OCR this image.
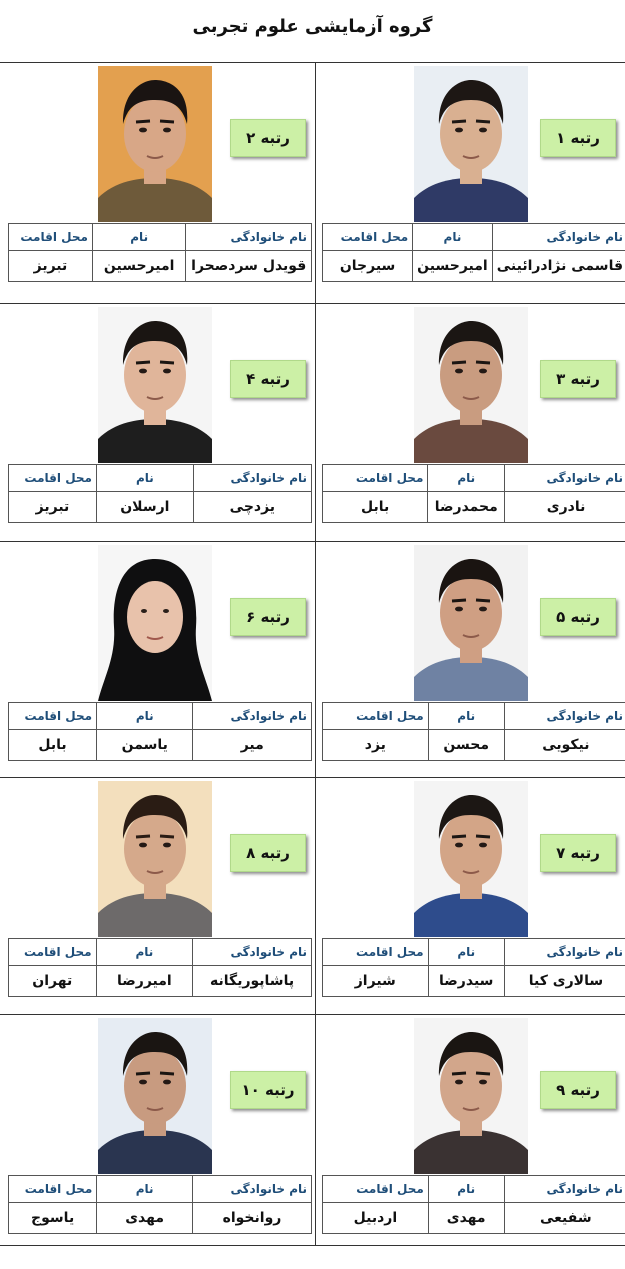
گروه آزمایشی علوم تجربی
رتبه ۱
نام خانوادگی	نام	محل اقامت
قاسمی نژادرائینی	امیرحسین	سیرجان
رتبه ۲
نام خانوادگی	نام	محل اقامت
قویدل سردصحرا	امیرحسین	تبریز
رتبه ۳
نام خانوادگی	نام	محل اقامت
نادری	محمدرضا	بابل
رتبه ۴
نام خانوادگی	نام	محل اقامت
یزدچی	ارسلان	تبریز
رتبه ۵
نام خانوادگی	نام	محل اقامت
نیکویی	محسن	یزد
رتبه ۶
نام خانوادگی	نام	محل اقامت
میر	یاسمن	بابل
رتبه ۷
نام خانوادگی	نام	محل اقامت
سالاری کیا	سیدرضا	شیراز
رتبه ۸
نام خانوادگی	نام	محل اقامت
پاشاپوریگانه	امیررضا	تهران
رتبه ۹
نام خانوادگی	نام	محل اقامت
شفیعی	مهدی	اردبیل
رتبه ۱۰
نام خانوادگی	نام	محل اقامت
روانخواه	مهدی	یاسوج
